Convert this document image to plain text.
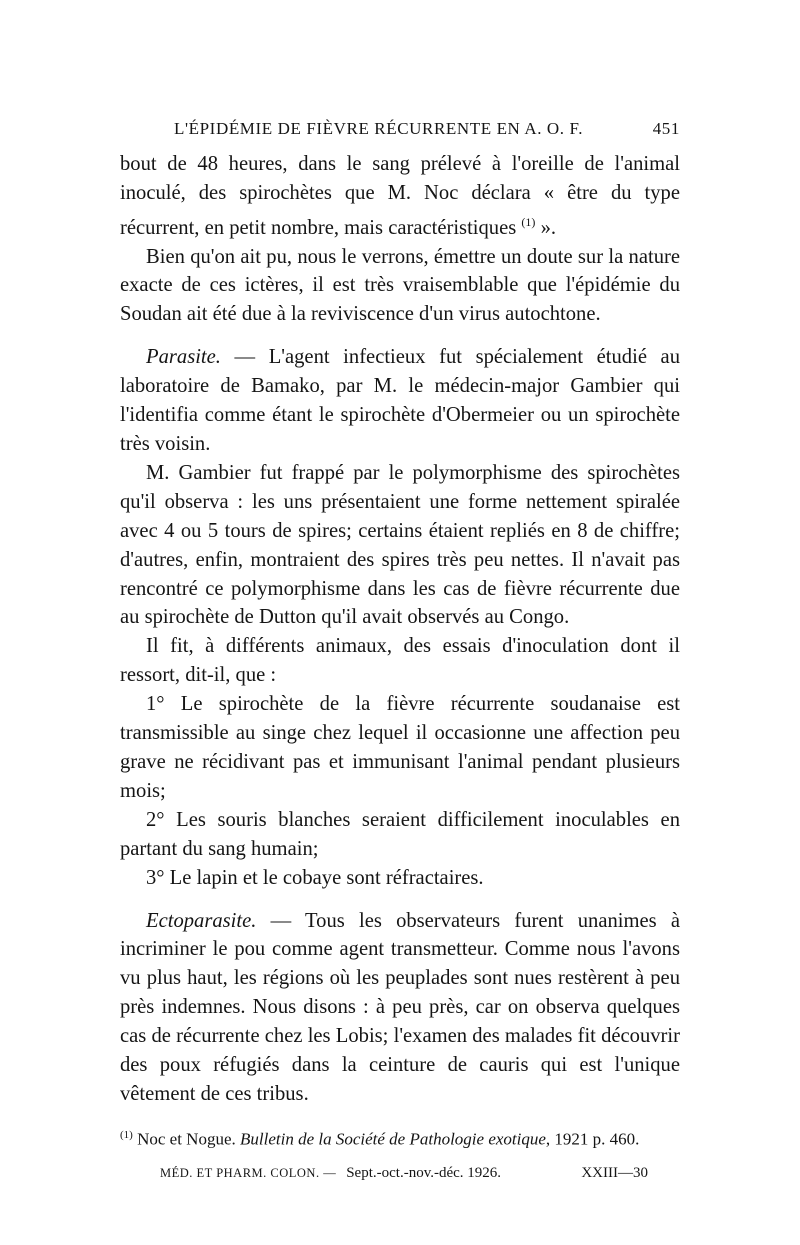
L'ÉPIDÉMIE DE FIÈVRE RÉCURRENTE EN A. O. F.	451

bout de 48 heures, dans le sang prélevé à l'oreille de l'animal inoculé, des spirochètes que M. Noc déclara « être du type récurrent, en petit nombre, mais caractéristiques $^{(1)}$ ».

Bien qu'on ait pu, nous le verrons, émettre un doute sur la nature exacte de ces ictères, il est très vraisemblable que l'épidémie du Soudan ait été due à la reviviscence d'un virus autochtone.

Parasite. — L'agent infectieux fut spécialement étudié au laboratoire de Bamako, par M. le médecin-major Gambier qui l'identifia comme étant le spirochète d'Obermeier ou un spirochète très voisin.

M. Gambier fut frappé par le polymorphisme des spirochètes qu'il observa : les uns présentaient une forme nettement spiralée avec 4 ou 5 tours de spires; certains étaient repliés en 8 de chiffre; d'autres, enfin, montraient des spires très peu nettes. Il n'avait pas rencontré ce polymorphisme dans les cas de fièvre récurrente due au spirochète de Dutton qu'il avait observés au Congo.

Il fit, à différents animaux, des essais d'inoculation dont il ressort, dit-il, que :

1° Le spirochète de la fièvre récurrente soudanaise est transmissible au singe chez lequel il occasionne une affection peu grave ne récidivant pas et immunisant l'animal pendant plusieurs mois;

2° Les souris blanches seraient difficilement inoculables en partant du sang humain;

3° Le lapin et le cobaye sont réfractaires.

Ectoparasite. — Tous les observateurs furent unanimes à incriminer le pou comme agent transmetteur. Comme nous l'avons vu plus haut, les régions où les peuplades sont nues restèrent à peu près indemnes. Nous disons : à peu près, car on observa quelques cas de récurrente chez les Lobis; l'examen des malades fit découvrir des poux réfugiés dans la ceinture de cauris qui est l'unique vêtement de ces tribus.

$^{(1)}$ Noc et Nogue. Bulletin de la Société de Pathologie exotique, 1921 p. 460.
MÉD. ET PHARM. COLON. — Sept.-oct.-nov.-déc. 1926.	XXIII—30
